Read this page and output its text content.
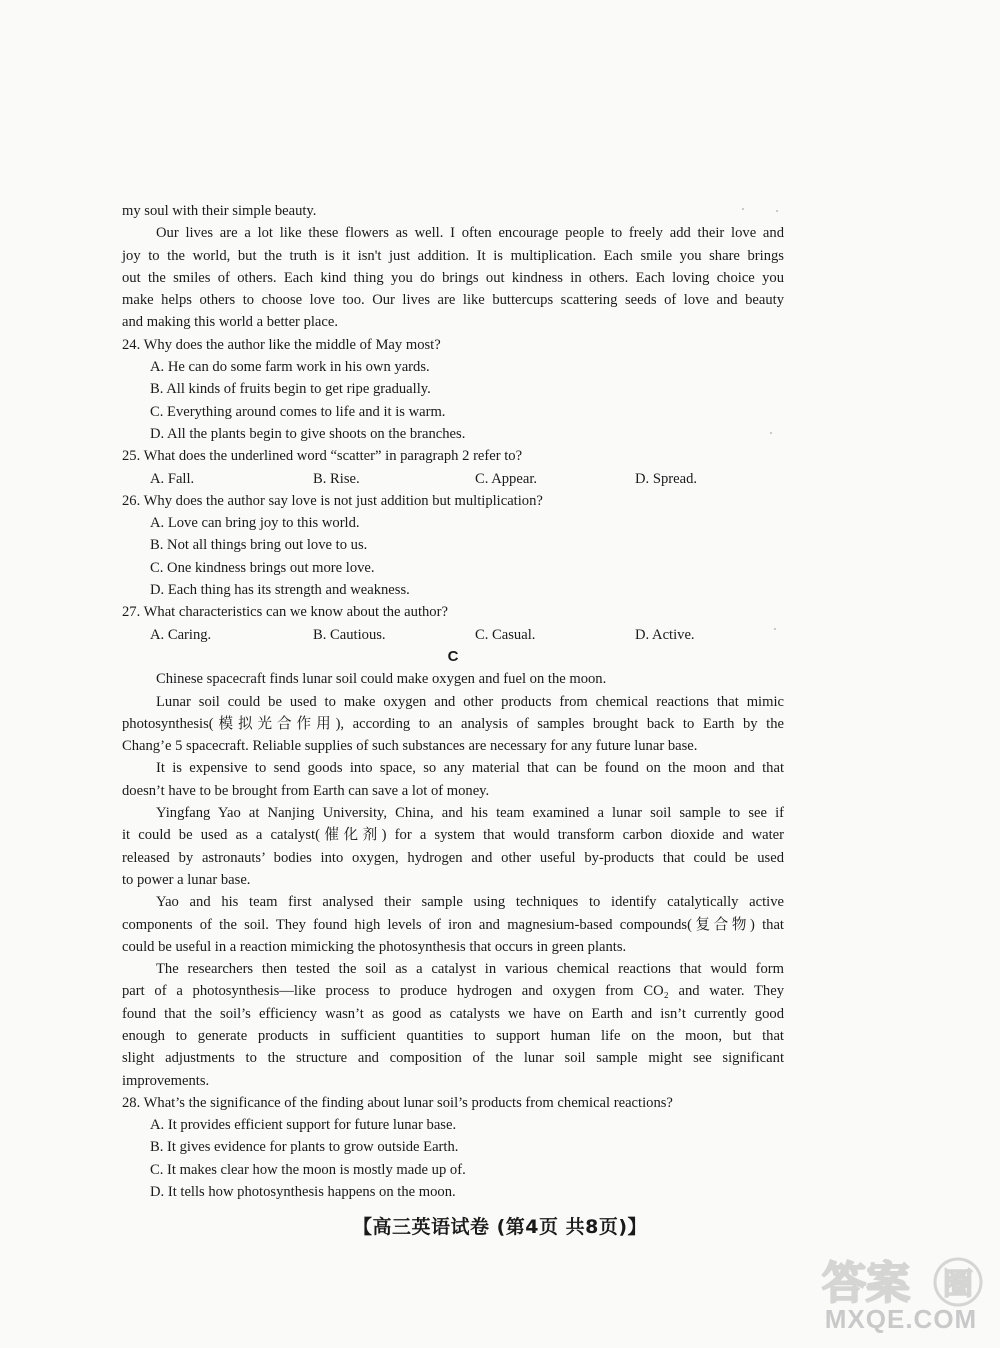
my soul with their simple beauty.
Our lives are a lot like these flowers as well. I often encourage people to freely add their love and
joy to the world, but the truth is it isn't just addition. It is multiplication. Each smile you share brings
out the smiles of others. Each kind thing you do brings out kindness in others. Each loving choice you
make helps others to choose love too. Our lives are like buttercups scattering seeds of love and beauty
and making this world a better place.
24. Why does the author like the middle of May most?
A. He can do some farm work in his own yards.
B. All kinds of fruits begin to get ripe gradually.
C. Everything around comes to life and it is warm.
D. All the plants begin to give shoots on the branches.
25. What does the underlined word “scatter” in paragraph 2 refer to?
A. Fall.	B. Rise.	C. Appear.	D. Spread.
26. Why does the author say love is not just addition but multiplication?
A. Love can bring joy to this world.
B. Not all things bring out love to us.
C. One kindness brings out more love.
D. Each thing has its strength and weakness.
27. What characteristics can we know about the author?
A. Caring.	B. Cautious.	C. Casual.	D. Active.
C
Chinese spacecraft finds lunar soil could make oxygen and fuel on the moon.
Lunar soil could be used to make oxygen and other products from chemical reactions that mimic
photosynthesis(模拟光合作用), according to an analysis of samples brought back to Earth by the
Chang’e 5 spacecraft. Reliable supplies of such substances are necessary for any future lunar base.
It is expensive to send goods into space, so any material that can be found on the moon and that
doesn’t have to be brought from Earth can save a lot of money.
Yingfang Yao at Nanjing University, China, and his team examined a lunar soil sample to see if
it could be used as a catalyst(催化剂) for a system that would transform carbon dioxide and water
released by astronauts’ bodies into oxygen, hydrogen and other useful by-products that could be used
to power a lunar base.
Yao and his team first analysed their sample using techniques to identify catalytically active
components of the soil. They found high levels of iron and magnesium-based compounds(复合物) that
could be useful in a reaction mimicking the photosynthesis that occurs in green plants.
The researchers then tested the soil as a catalyst in various chemical reactions that would form
part of a photosynthesis—like process to produce hydrogen and oxygen from CO₂ and water. They
found that the soil’s efficiency wasn’t as good as catalysts we have on Earth and isn’t currently good
enough to generate products in sufficient quantities to support human life on the moon, but that
slight adjustments to the structure and composition of the lunar soil sample might see significant
improvements.
28. What’s the significance of the finding about lunar soil’s products from chemical reactions?
A. It provides efficient support for future lunar base.
B. It gives evidence for plants to grow outside Earth.
C. It makes clear how the moon is mostly made up of.
D. It tells how photosynthesis happens on the moon.
【高三英语试卷 (第4页 共8页)】
答案 圈
MXQE.COM
